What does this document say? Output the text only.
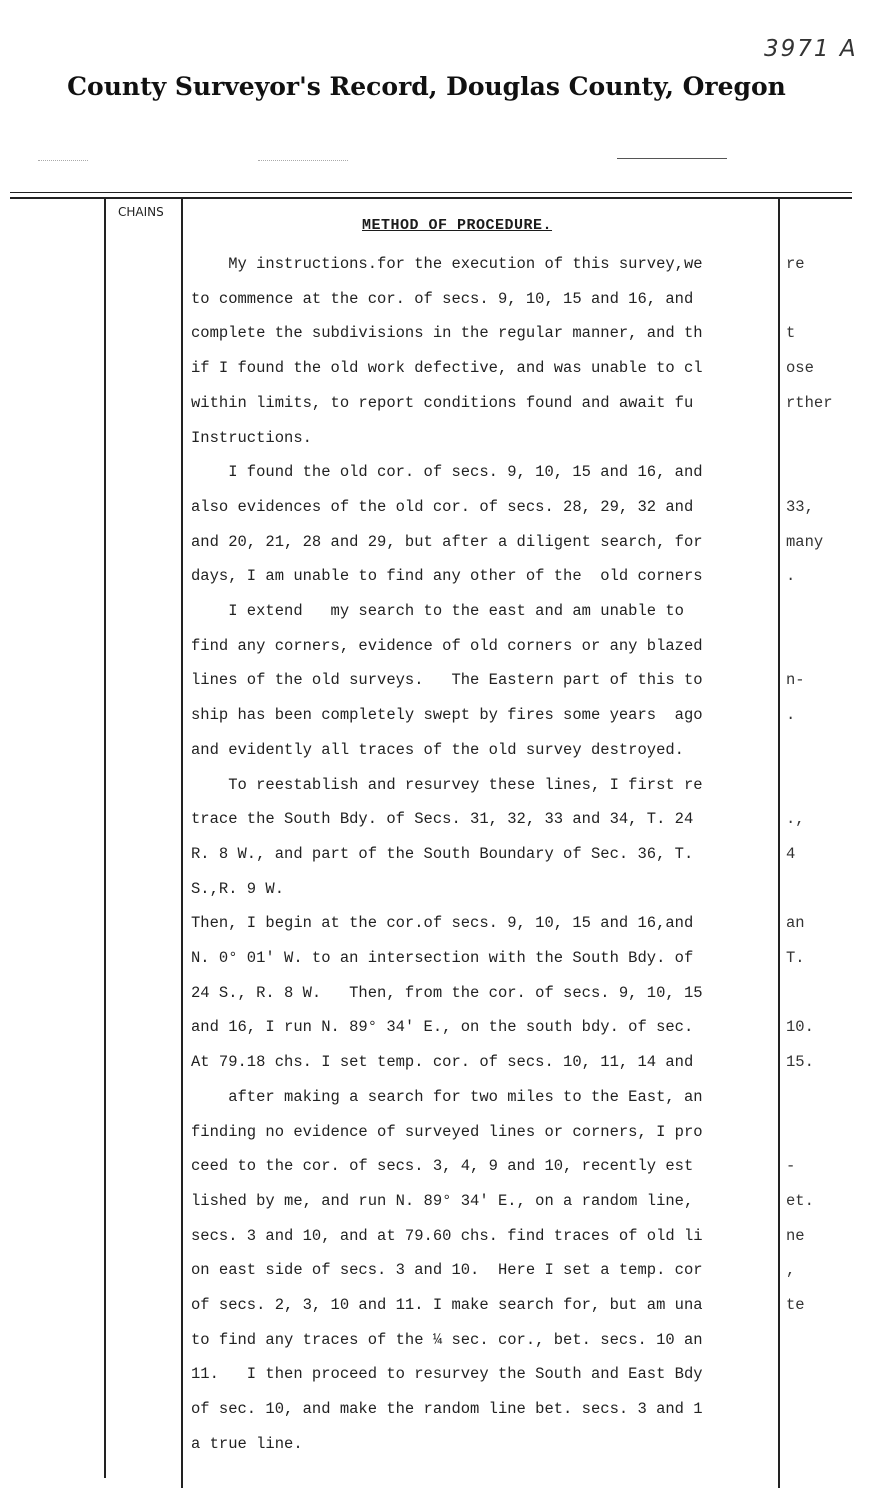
3971 A
County Surveyor's Record, Douglas County, Oregon
CHAINS
METHOD OF PROCEDURE.
My instructions.for the execution of this survey,we	re
to commence at the cor. of secs. 9, 10, 15 and 16, and
complete the subdivisions in the regular manner, and th	t
if I found the old work defective, and was unable to cl	ose
within limits, to report conditions found and await fu	rther
Instructions.
I found the old cor. of secs. 9, 10, 15 and 16, and
also evidences of the old cor. of secs. 28, 29, 32 and	33,
and 20, 21, 28 and 29, but after a diligent search, for	many
days, I am unable to find any other of the  old corners	.
I extend   my search to the east and am unable to
find any corners, evidence of old corners or any blazed
lines of the old surveys.   The Eastern part of this to	n-
ship has been completely swept by fires some years  ago	.
and evidently all traces of the old survey destroyed.
To reestablish and resurvey these lines, I first re
trace the South Bdy. of Secs. 31, 32, 33 and 34, T. 24	.,
R. 8 W., and part of the South Boundary of Sec. 36, T.	4
S.,R. 9 W.
Then, I begin at the cor.of secs. 9, 10, 15 and 16,and	an
N. 0° 01' W. to an intersection with the South Bdy. of	T.
24 S., R. 8 W.   Then, from the cor. of secs. 9, 10, 15
and 16, I run N. 89° 34' E., on the south bdy. of sec.	10.
At 79.18 chs. I set temp. cor. of secs. 10, 11, 14 and	15.
after making a search for two miles to the East, an
finding no evidence of surveyed lines or corners, I pro
ceed to the cor. of secs. 3, 4, 9 and 10, recently est	-
lished by me, and run N. 89° 34' E., on a random line,	et.
secs. 3 and 10, and at 79.60 chs. find traces of old li	ne
on east side of secs. 3 and 10.  Here I set a temp. cor	,
of secs. 2, 3, 10 and 11. I make search for, but am una	te
to find any traces of the ¼ sec. cor., bet. secs. 10 an
11.   I then proceed to resurvey the South and East Bdy
of sec. 10, and make the random line bet. secs. 3 and 1
a true line.
